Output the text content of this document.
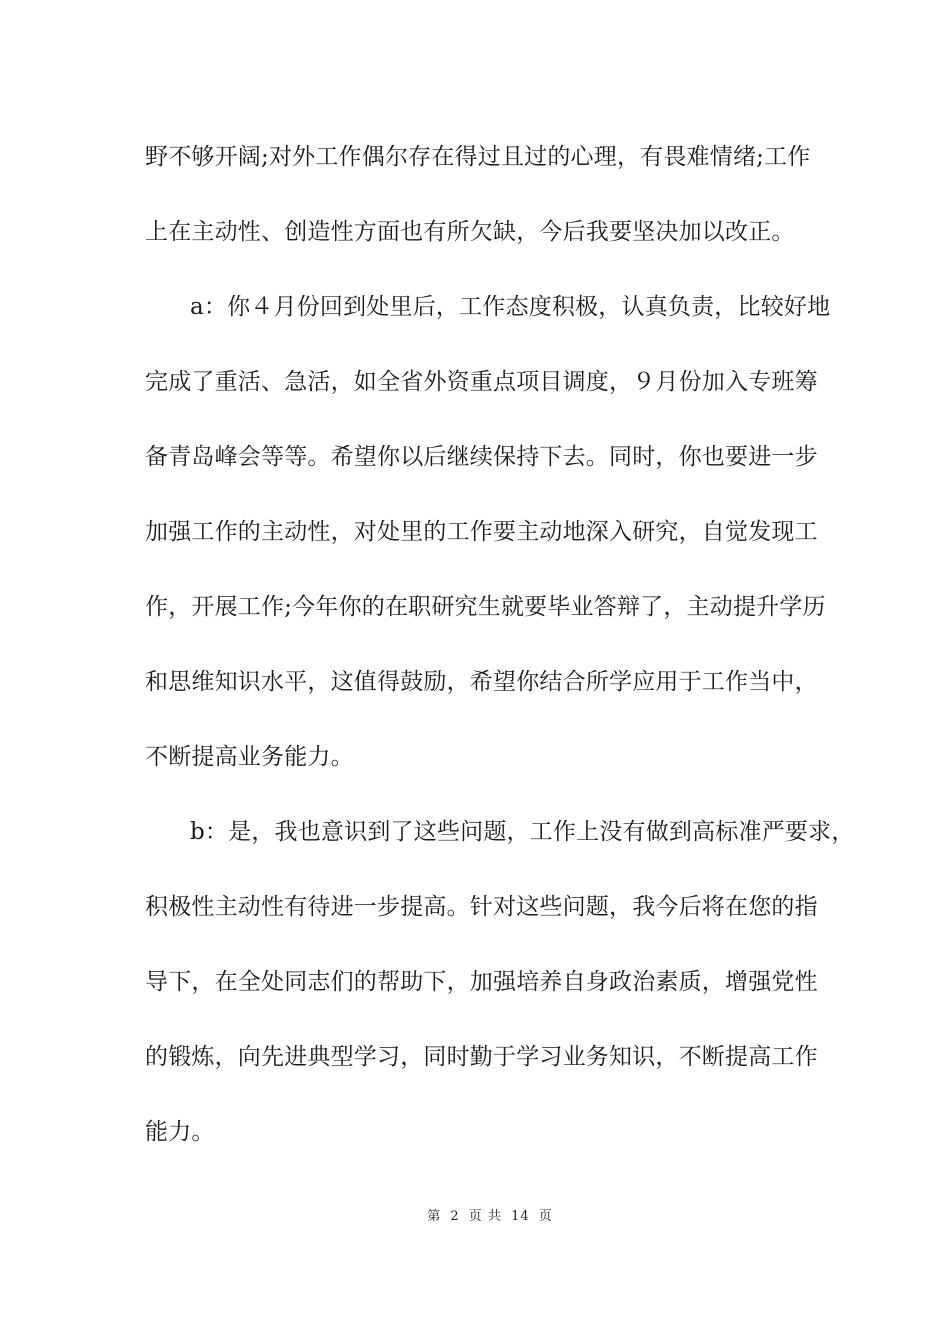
野不够开阔;对外工作偶尔存在得过且过的心理，有畏难情绪;工作
上在主动性、创造性方面也有所欠缺，今后我要坚决加以改正。
a：你４月份回到处里后，工作态度积极，认真负责，比较好地
完成了重活、急活，如全省外资重点项目调度，９月份加入专班筹
备青岛峰会等等。希望你以后继续保持下去。同时，你也要进一步
加强工作的主动性，对处里的工作要主动地深入研究，自觉发现工
作，开展工作;今年你的在职研究生就要毕业答辩了，主动提升学历
和思维知识水平，这值得鼓励，希望你结合所学应用于工作当中，
不断提高业务能力。
b：是，我也意识到了这些问题，工作上没有做到高标准严要求，
积极性主动性有待进一步提高。针对这些问题，我今后将在您的指
导下，在全处同志们的帮助下，加强培养自身政治素质，增强党性
的锻炼，向先进典型学习，同时勤于学习业务知识，不断提高工作
能力。
第 2 页 共 14 页
